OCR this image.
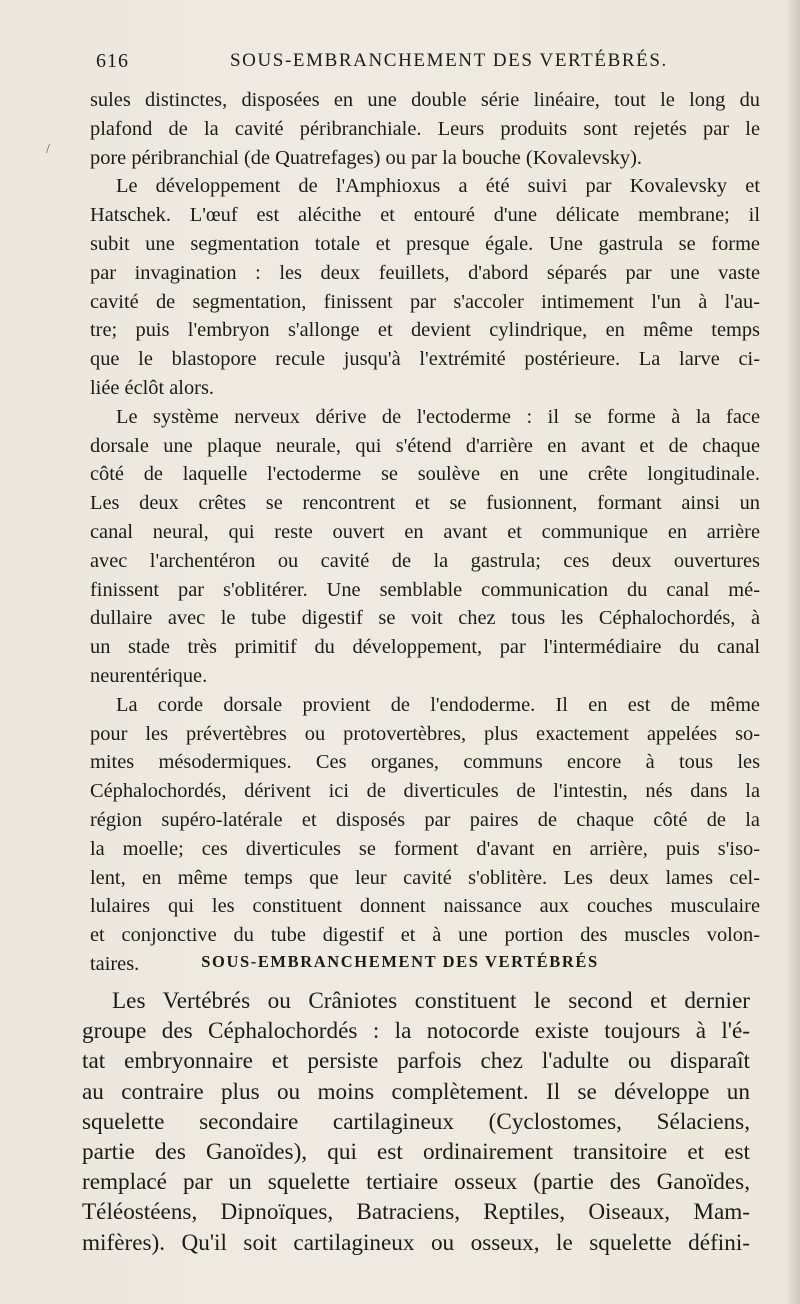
/
616	SOUS-EMBRANCHEMENT DES VERTÉBRÉS.
sules distinctes, disposées en une double série linéaire, tout le long du
plafond de la cavité péribranchiale. Leurs produits sont rejetés par le
pore péribranchial (de Quatrefages) ou par la bouche (Kovalevsky).
Le développement de l'Amphioxus a été suivi par Kovalevsky et
Hatschek. L'œuf est alécithe et entouré d'une délicate membrane; il
subit une segmentation totale et presque égale. Une gastrula se forme
par invagination : les deux feuillets, d'abord séparés par une vaste
cavité de segmentation, finissent par s'accoler intimement l'un à l'au-
tre; puis l'embryon s'allonge et devient cylindrique, en même temps
que le blastopore recule jusqu'à l'extrémité postérieure. La larve ci-
liée éclôt alors.
Le système nerveux dérive de l'ectoderme : il se forme à la face
dorsale une plaque neurale, qui s'étend d'arrière en avant et de chaque
côté de laquelle l'ectoderme se soulève en une crête longitudinale.
Les deux crêtes se rencontrent et se fusionnent, formant ainsi un
canal neural, qui reste ouvert en avant et communique en arrière
avec l'archentéron ou cavité de la gastrula; ces deux ouvertures
finissent par s'oblitérer. Une semblable communication du canal mé-
dullaire avec le tube digestif se voit chez tous les Céphalochordés, à
un stade très primitif du développement, par l'intermédiaire du canal
neurentérique.
La corde dorsale provient de l'endoderme. Il en est de même
pour les prévertèbres ou protovertèbres, plus exactement appelées so-
mites mésodermiques. Ces organes, communs encore à tous les
Céphalochordés, dérivent ici de diverticules de l'intestin, nés dans la
région supéro-latérale et disposés par paires de chaque côté de la
la moelle; ces diverticules se forment d'avant en arrière, puis s'iso-
lent, en même temps que leur cavité s'oblitère. Les deux lames cel-
lulaires qui les constituent donnent naissance aux couches musculaire
et conjonctive du tube digestif et à une portion des muscles volon-
taires.	SOUS-EMBRANCHEMENT DES VERTÉBRÉS
Les Vertébrés ou Crâniotes constituent le second et dernier
groupe des Céphalochordés : la notocorde existe toujours à l'é-
tat embryonnaire et persiste parfois chez l'adulte ou disparaît
au contraire plus ou moins complètement. Il se développe un
squelette secondaire cartilagineux (Cyclostomes, Sélaciens,
partie des Ganoïdes), qui est ordinairement transitoire et est
remplacé par un squelette tertiaire osseux (partie des Ganoïdes,
Téléostéens, Dipnoïques, Batraciens, Reptiles, Oiseaux, Mam-
mifères). Qu'il soit cartilagineux ou osseux, le squelette défini-
